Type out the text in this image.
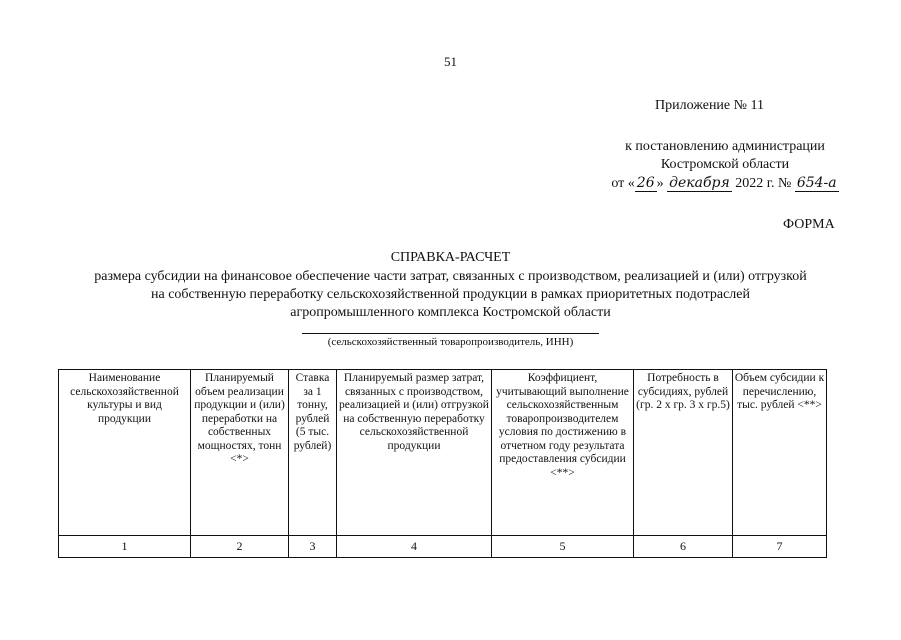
51
Приложение № 11
к постановлению администрации
Костромской области
от « 26 » декабря 2022 г. № 654-а
ФОРМА
СПРАВКА-РАСЧЕТ
размера субсидии на финансовое обеспечение части затрат, связанных с производством, реализацией и (или) отгрузкой
на собственную переработку сельскохозяйственной продукции в рамках приоритетных подотраслей
агропромышленного комплекса Костромской области
(сельскохозяйственный товаропроизводитель, ИНН)
Наименование сельскохозяйственной культуры и вид продукции	Планируемый объем реализации продукции и (или) переработки на собственных мощностях, тонн <*>	Ставка за 1 тонну, рублей (5 тыс. рублей)	Планируемый размер затрат, связанных с производством, реализацией и (или) отгрузкой на собственную переработку сельскохозяйственной продукции	Коэффициент, учитывающий выполнение сельскохозяйственным товаропроизводителем условия по достижению в отчетном году результата предоставления субсидии <**>	Потребность в субсидиях, рублей (гр. 2 х гр. 3 х гр.5)	Объем субсидии к перечислению, тыс. рублей <**>
1	2	3	4	5	6	7
